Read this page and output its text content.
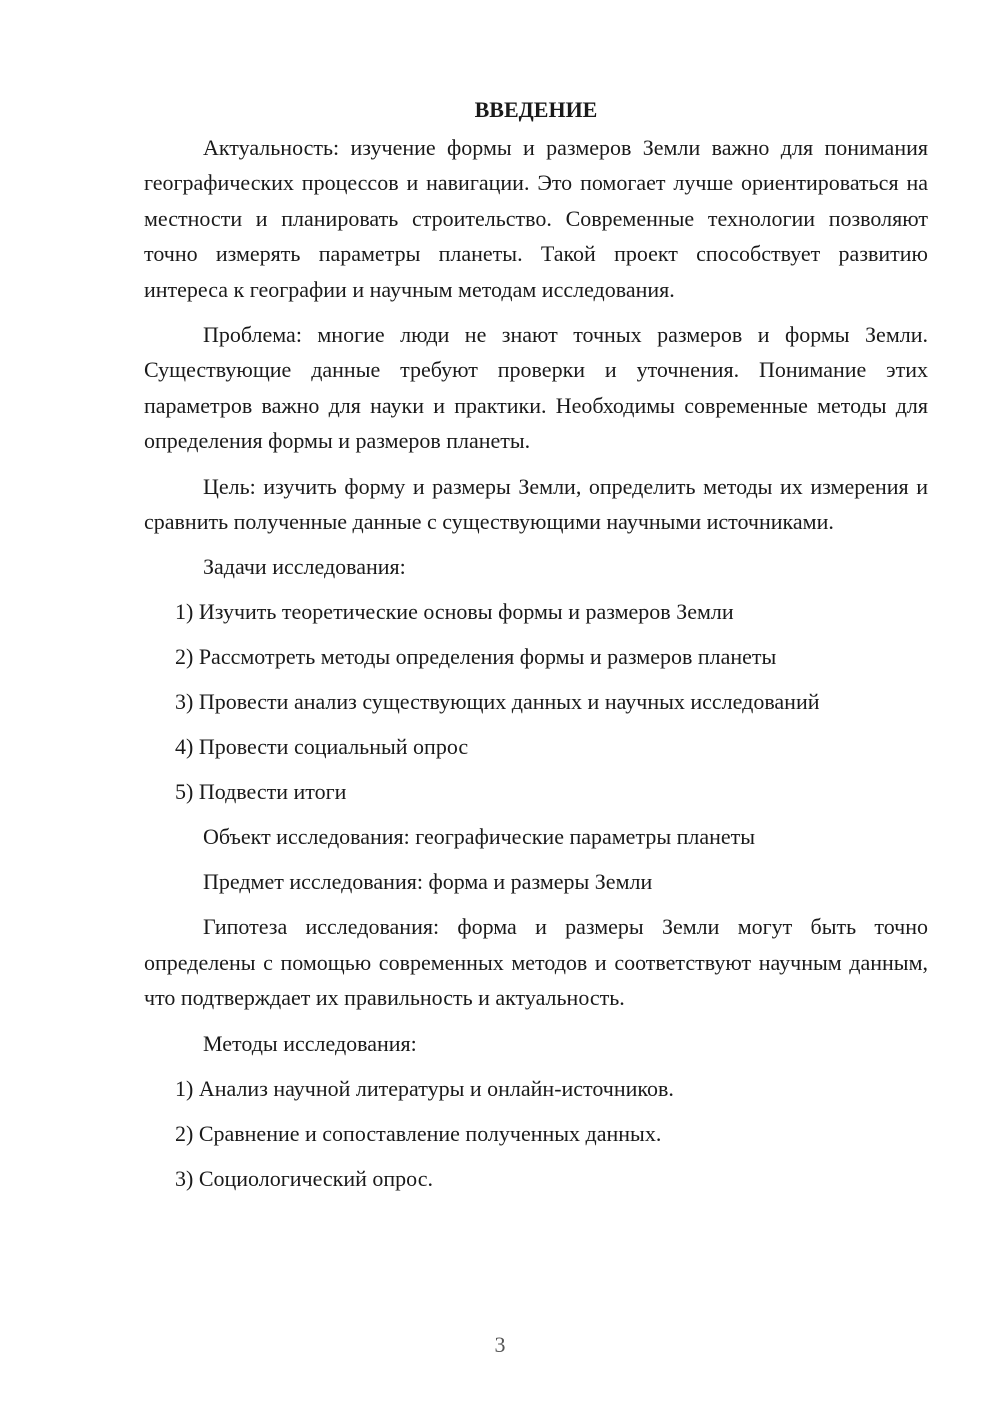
ВВЕДЕНИЕ

Актуальность: изучение формы и размеров Земли важно для понимания географических процессов и навигации. Это помогает лучше ориентироваться на местности и планировать строительство. Современные технологии позволяют точно измерять параметры планеты. Такой проект способствует развитию интереса к географии и научным методам исследования.

Проблема: многие люди не знают точных размеров и формы Земли. Существующие данные требуют проверки и уточнения. Понимание этих параметров важно для науки и практики. Необходимы современные методы для определения формы и размеров планеты.

Цель: изучить форму и размеры Земли, определить методы их измерения и сравнить полученные данные с существующими научными источниками.

Задачи исследования:
1) Изучить теоретические основы формы и размеров Земли
2) Рассмотреть методы определения формы и размеров планеты
3) Провести анализ существующих данных и научных исследований
4) Провести социальный опрос
5) Подвести итоги
Объект исследования: географические параметры планеты
Предмет исследования: форма и размеры Земли

Гипотеза исследования: форма и размеры Земли могут быть точно определены с помощью современных методов и соответствуют научным данным, что подтверждает их правильность и актуальность.

Методы исследования:
1) Анализ научной литературы и онлайн-источников.
2) Сравнение и сопоставление полученных данных.
3) Социологический опрос.
3
